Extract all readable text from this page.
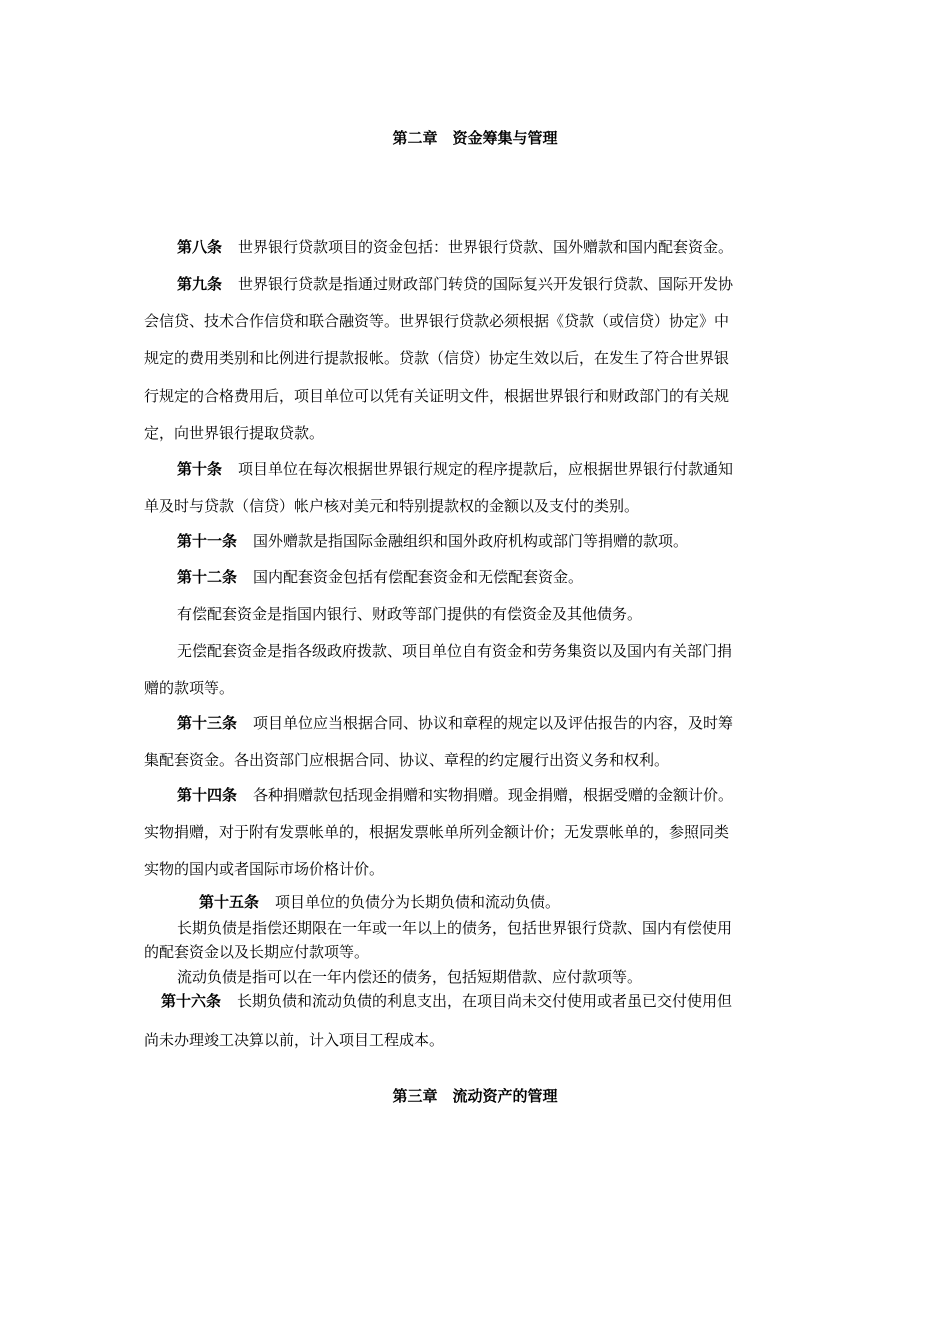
第二章　资金筹集与管理
第八条 世界银行贷款项目的资金包括：世界银行贷款、国外赠款和国内配套资金。
第九条 世界银行贷款是指通过财政部门转贷的国际复兴开发银行贷款、国际开发协
会信贷、技术合作信贷和联合融资等。世界银行贷款必须根据《贷款（或信贷）协定》中
规定的费用类别和比例进行提款报帐。贷款（信贷）协定生效以后，在发生了符合世界银
行规定的合格费用后，项目单位可以凭有关证明文件，根据世界银行和财政部门的有关规
定，向世界银行提取贷款。
第十条 项目单位在每次根据世界银行规定的程序提款后，应根据世界银行付款通知
单及时与贷款（信贷）帐户核对美元和特别提款权的金额以及支付的类别。
第十一条 国外赠款是指国际金融组织和国外政府机构或部门等捐赠的款项。
第十二条 国内配套资金包括有偿配套资金和无偿配套资金。
有偿配套资金是指国内银行、财政等部门提供的有偿资金及其他债务。
无偿配套资金是指各级政府拨款、项目单位自有资金和劳务集资以及国内有关部门捐
赠的款项等。
第十三条 项目单位应当根据合同、协议和章程的规定以及评估报告的内容，及时筹
集配套资金。各出资部门应根据合同、协议、章程的约定履行出资义务和权利。
第十四条 各种捐赠款包括现金捐赠和实物捐赠。现金捐赠，根据受赠的金额计价。
实物捐赠，对于附有发票帐单的，根据发票帐单所列金额计价；无发票帐单的，参照同类
实物的国内或者国际市场价格计价。
第十五条 项目单位的负债分为长期负债和流动负债。
长期负债是指偿还期限在一年或一年以上的债务，包括世界银行贷款、国内有偿使用
的配套资金以及长期应付款项等。
流动负债是指可以在一年内偿还的债务，包括短期借款、应付款项等。
第十六条 长期负债和流动负债的利息支出，在项目尚未交付使用或者虽已交付使用但
尚未办理竣工决算以前，计入项目工程成本。
第三章　流动资产的管理
